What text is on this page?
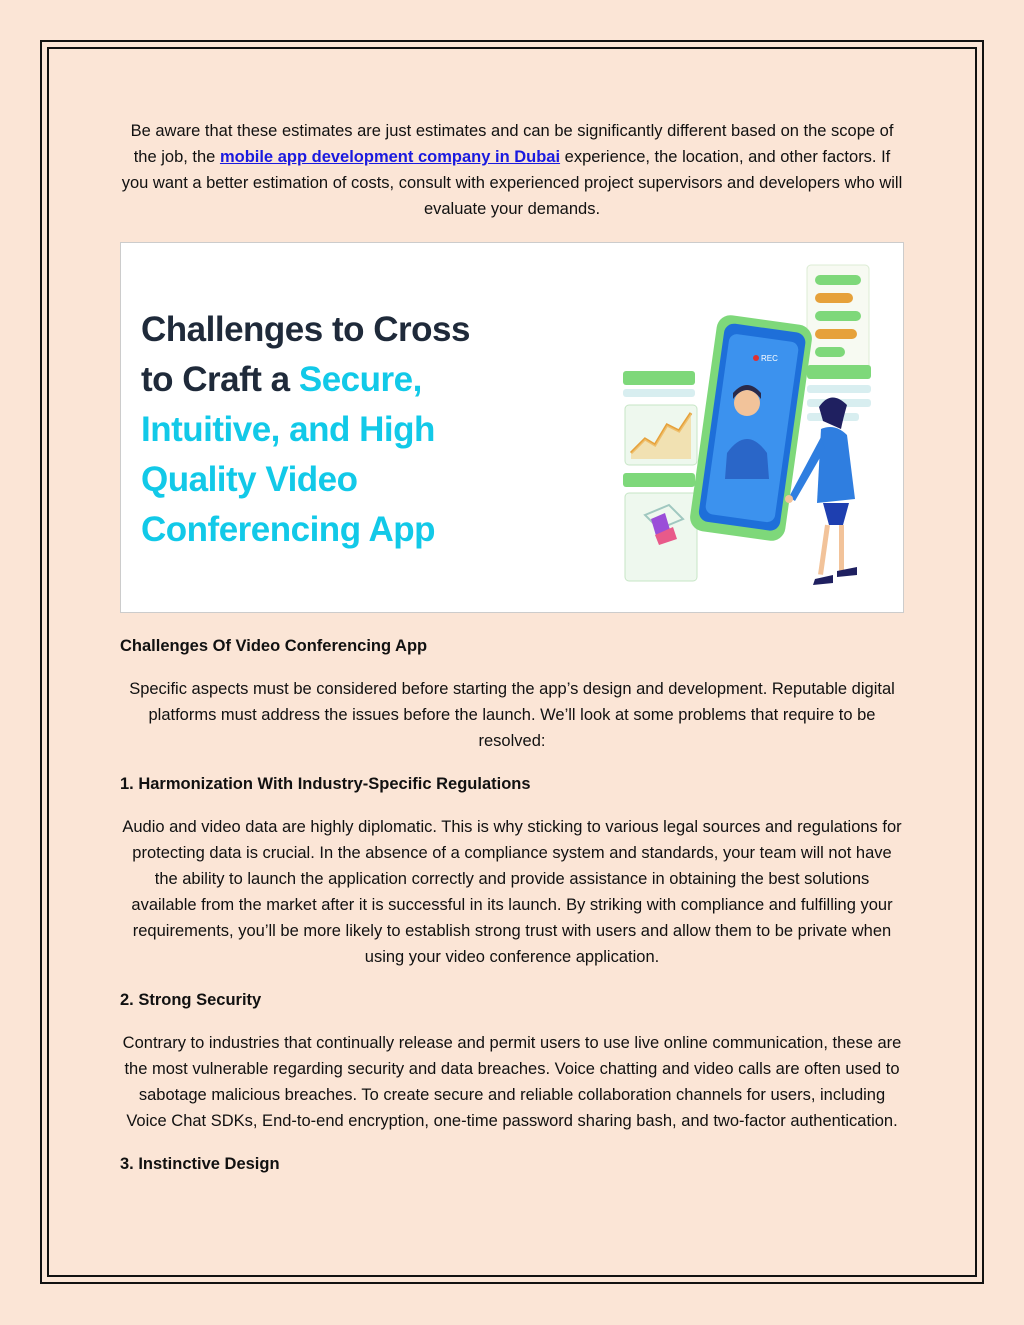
Be aware that these estimates are just estimates and can be significantly different based on the scope of the job, the mobile app development company in Dubai experience, the location, and other factors. If you want a better estimation of costs, consult with experienced project supervisors and developers who will evaluate your demands.

Challenges to Cross
to Craft a Secure,
Intuitive, and High
Quality Video
Conferencing App
REC
Challenges Of Video Conferencing App

Specific aspects must be considered before starting the app’s design and development. Reputable digital platforms must address the issues before the launch. We’ll look at some problems that require to be resolved:

1. Harmonization With Industry-Specific Regulations

Audio and video data are highly diplomatic. This is why sticking to various legal sources and regulations for protecting data is crucial. In the absence of a compliance system and standards, your team will not have the ability to launch the application correctly and provide assistance in obtaining the best solutions available from the market after it is successful in its launch. By striking with compliance and fulfilling your requirements, you’ll be more likely to establish strong trust with users and allow them to be private when using your video conference application.

2. Strong Security

Contrary to industries that continually release and permit users to use live online communication, these are the most vulnerable regarding security and data breaches. Voice chatting and video calls are often used to sabotage malicious breaches. To create secure and reliable collaboration channels for users, including Voice Chat SDKs, End-to-end encryption, one-time password sharing bash, and two-factor authentication.

3. Instinctive Design
